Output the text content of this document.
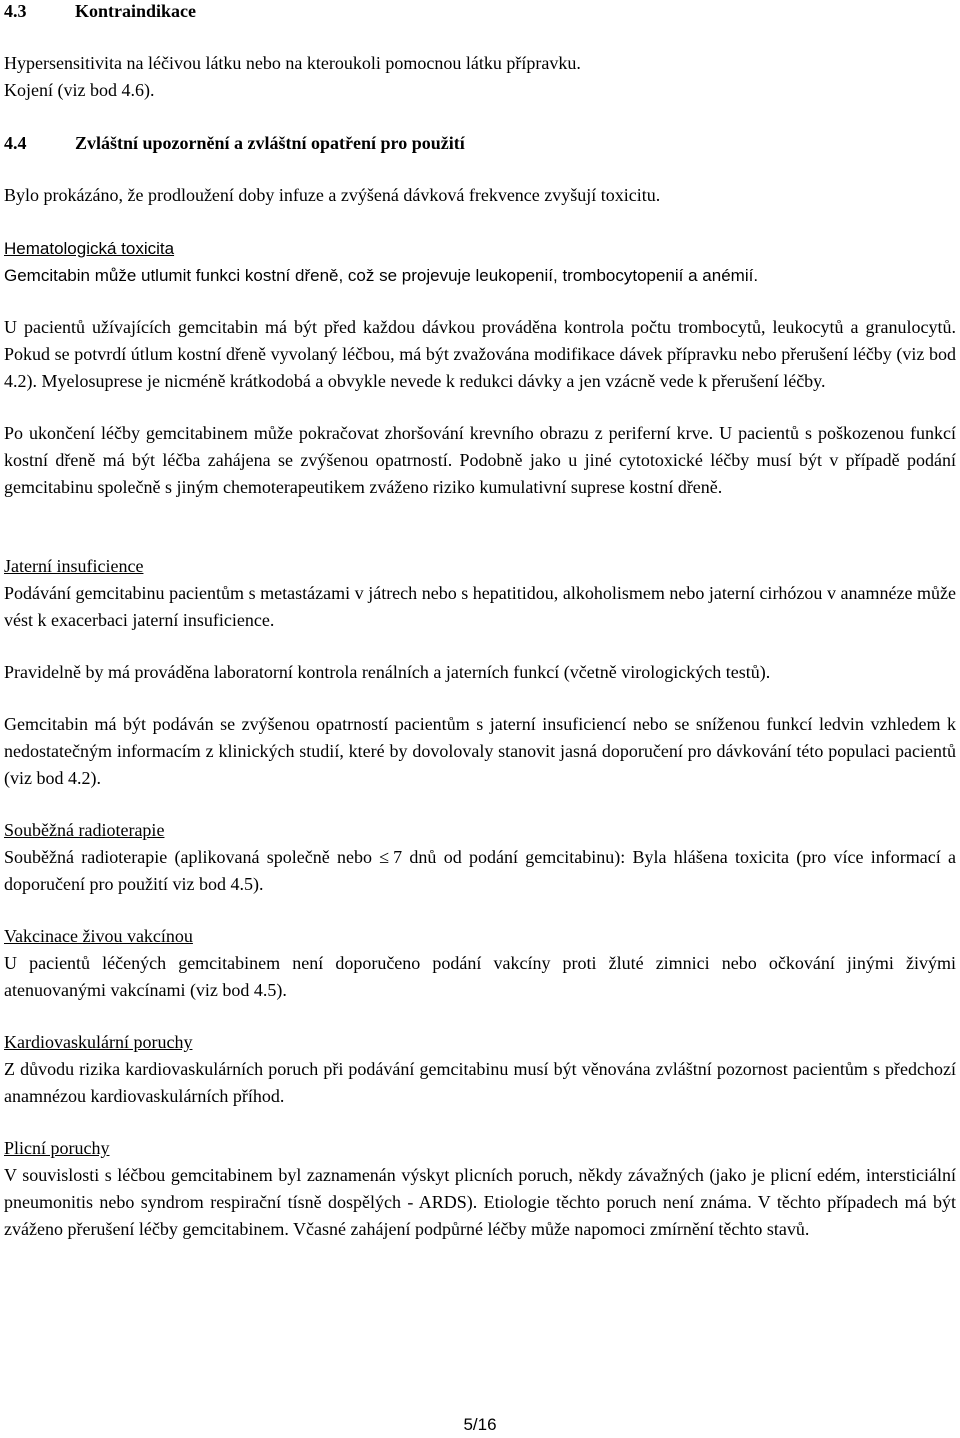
4.3	Kontraindikace

Hypersensitivita na léčivou látku nebo na kteroukoli pomocnou látku přípravku.

Kojení (viz bod 4.6).

4.4	Zvláštní upozornění a zvláštní opatření pro použití

Bylo prokázáno, že prodloužení doby infuze a zvýšená dávková frekvence zvyšují toxicitu.

Hematologická toxicita
Gemcitabin může utlumit funkci kostní dřeně, což se projevuje leukopenií, trombocytopenií a anémií.

U pacientů užívajících gemcitabin má být před každou dávkou prováděna kontrola počtu trombocytů, leukocytů a granulocytů. Pokud se potvrdí útlum kostní dřeně vyvolaný léčbou, má být zvažována modifikace dávek přípravku nebo přerušení léčby (viz bod 4.2). Myelosuprese je nicméně krátkodobá a obvykle nevede k redukci dávky a jen vzácně vede k přerušení léčby.

Po ukončení léčby gemcitabinem může pokračovat zhoršování krevního obrazu z periferní krve. U pacientů s poškozenou funkcí kostní dřeně má být léčba zahájena se zvýšenou opatrností. Podobně jako u jiné cytotoxické léčby musí být v případě podání gemcitabinu společně s jiným chemoterapeutikem zváženo riziko kumulativní suprese kostní dřeně.

Jaterní insuficience

Podávání gemcitabinu pacientům s metastázami v játrech nebo s hepatitidou, alkoholismem nebo jaterní cirhózou v anamnéze může vést k exacerbaci jaterní insuficience.

Pravidelně by má prováděna laboratorní kontrola renálních a jaterních funkcí (včetně virologických testů).

Gemcitabin má být podáván se zvýšenou opatrností pacientům s jaterní insuficiencí nebo se sníženou funkcí ledvin vzhledem k nedostatečným informacím z klinických studií, které by dovolovaly stanovit jasná doporučení pro dávkování této populaci pacientů (viz bod 4.2).

Souběžná radioterapie

Souběžná radioterapie (aplikovaná společně nebo ≤ 7 dnů od podání gemcitabinu): Byla hlášena toxicita (pro více informací a doporučení pro použití viz bod 4.5).

Vakcinace živou vakcínou

U pacientů léčených gemcitabinem není doporučeno podání vakcíny proti žluté zimnici nebo očkování jinými živými atenuovanými vakcínami (viz bod 4.5).

Kardiovaskulární poruchy

Z důvodu rizika kardiovaskulárních poruch při podávání gemcitabinu musí být věnována zvláštní pozornost pacientům s předchozí anamnézou kardiovaskulárních příhod.

Plicní poruchy

V souvislosti s léčbou gemcitabinem byl zaznamenán výskyt plicních poruch, někdy závažných (jako je plicní edém, intersticiální pneumonitis nebo syndrom respirační tísně dospělých - ARDS). Etiologie těchto poruch není známa. V těchto případech má být zváženo přerušení léčby gemcitabinem. Včasné zahájení podpůrné léčby může napomoci zmírnění těchto stavů.

5/16
